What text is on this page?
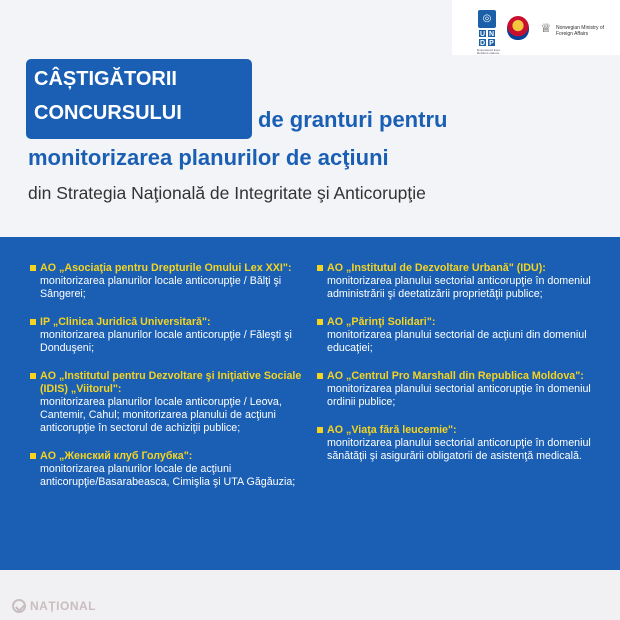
◎
U N
D P
Empowered lives. Resilient nations.
♕ Norwegian Ministry of Foreign Affairs
CÂȘTIGĂTORII
CONCURSULUI	de granturi pentru
monitorizarea planurilor de acţiuni
din Strategia Naţională de Integritate şi Anticorupţie
AO „Asociaţia pentru Drepturile Omului Lex XXI":
monitorizarea planurilor locale anticorupţie / Bălţi şi Sângerei;
IP „Clinica Juridică Universitară":
monitorizarea planurilor locale anticorupţie / Făleşti şi Donduşeni;
AO „Institutul pentru Dezvoltare şi Iniţiative Sociale (IDIS) „Viitorul":
monitorizarea planurilor locale anticorupţie / Leova, Cantemir, Cahul; monitorizarea planului de acţiuni anticorupţie în sectorul de achiziţii publice;
AO „Женский клуб Голубка":
monitorizarea planurilor locale de acţiuni anticorupţie/Basarabeasca, Cimişlia şi UTA Găgăuzia;
AO „Institutul de Dezvoltare Urbană" (IDU):
monitorizarea planului sectorial anticorupţie în domeniul administrării şi deetatizării proprietăţii publice;
AO „Părinţi Solidari":
monitorizarea planului sectorial de acţiuni din domeniul educaţiei;
AO „Centrul Pro Marshall din Republica Moldova":
monitorizarea planului sectorial anticorupţie în domeniul ordinii publice;
AO „Viaţa fără leucemie":
monitorizarea planului sectorial anticorupţie în domeniul sănătăţii şi asigurării obligatorii de asistenţă medicală.
NAȚIONAL
